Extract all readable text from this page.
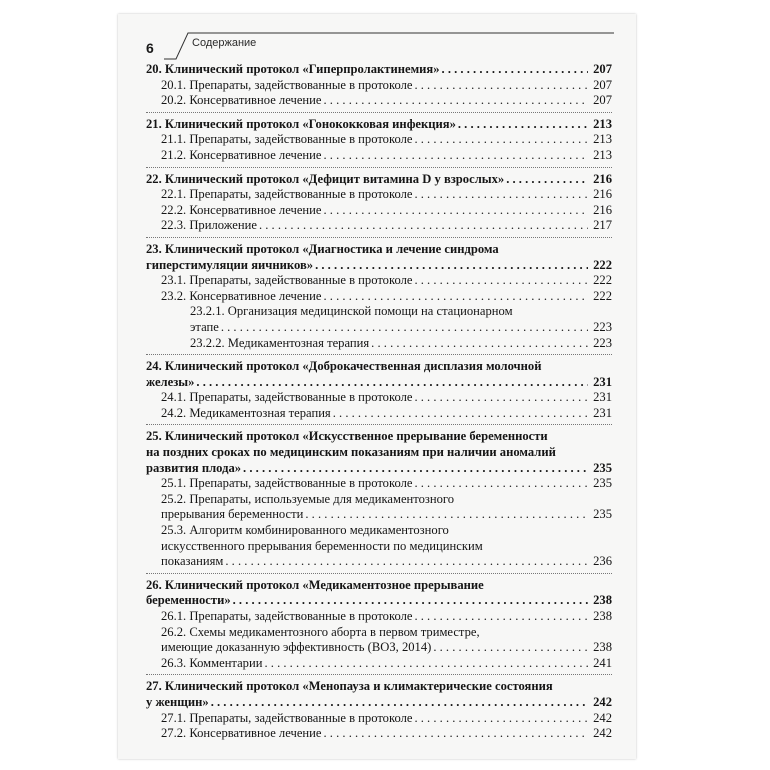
6	Содержание
20. Клинический протокол «Гиперпролактинемия» . . .	207
20.1. Препараты, задействованные в протоколе . . .	207
20.2. Консервативное лечение . . .	207
21. Клинический протокол «Гонококковая инфекция» . . .	213
21.1. Препараты, задействованные в протоколе . . .	213
21.2. Консервативное лечение . . .	213
22. Клинический протокол «Дефицит витамина D у взрослых» . . .	216
22.1. Препараты, задействованные в протоколе . . .	216
22.2. Консервативное лечение . . .	216
22.3. Приложение . . .	217
23. Клинический протокол «Диагностика и лечение синдрома
гиперстимуляции яичников» . . .	222
23.1. Препараты, задействованные в протоколе . . .	222
23.2. Консервативное лечение . . .	222
23.2.1. Организация медицинской помощи на стационарном
этапе . . .	223
23.2.2. Медикаментозная терапия . . .	223
24. Клинический протокол «Доброкачественная дисплазия молочной
железы» . . .	231
24.1. Препараты, задействованные в протоколе . . .	231
24.2. Медикаментозная терапия . . .	231
25. Клинический протокол «Искусственное прерывание беременности
на поздних сроках по медицинским показаниям при наличии аномалий
развития плода» . . .	235
25.1. Препараты, задействованные в протоколе . . .	235
25.2. Препараты, используемые для медикаментозного
прерывания беременности . . .	235
25.3. Алгоритм комбинированного медикаментозного
искусственного прерывания беременности по медицинским
показаниям . . .	236
26. Клинический протокол «Медикаментозное прерывание
беременности» . . .	238
26.1. Препараты, задействованные в протоколе . . .	238
26.2. Схемы медикаментозного аборта в первом триместре,
имеющие доказанную эффективность (ВОЗ, 2014) . . .	238
26.3. Комментарии . . .	241
27. Клинический протокол «Менопауза и климактерические состояния
у женщин» . . .	242
27.1. Препараты, задействованные в протоколе . . .	242
27.2. Консервативное лечение . . .	242
